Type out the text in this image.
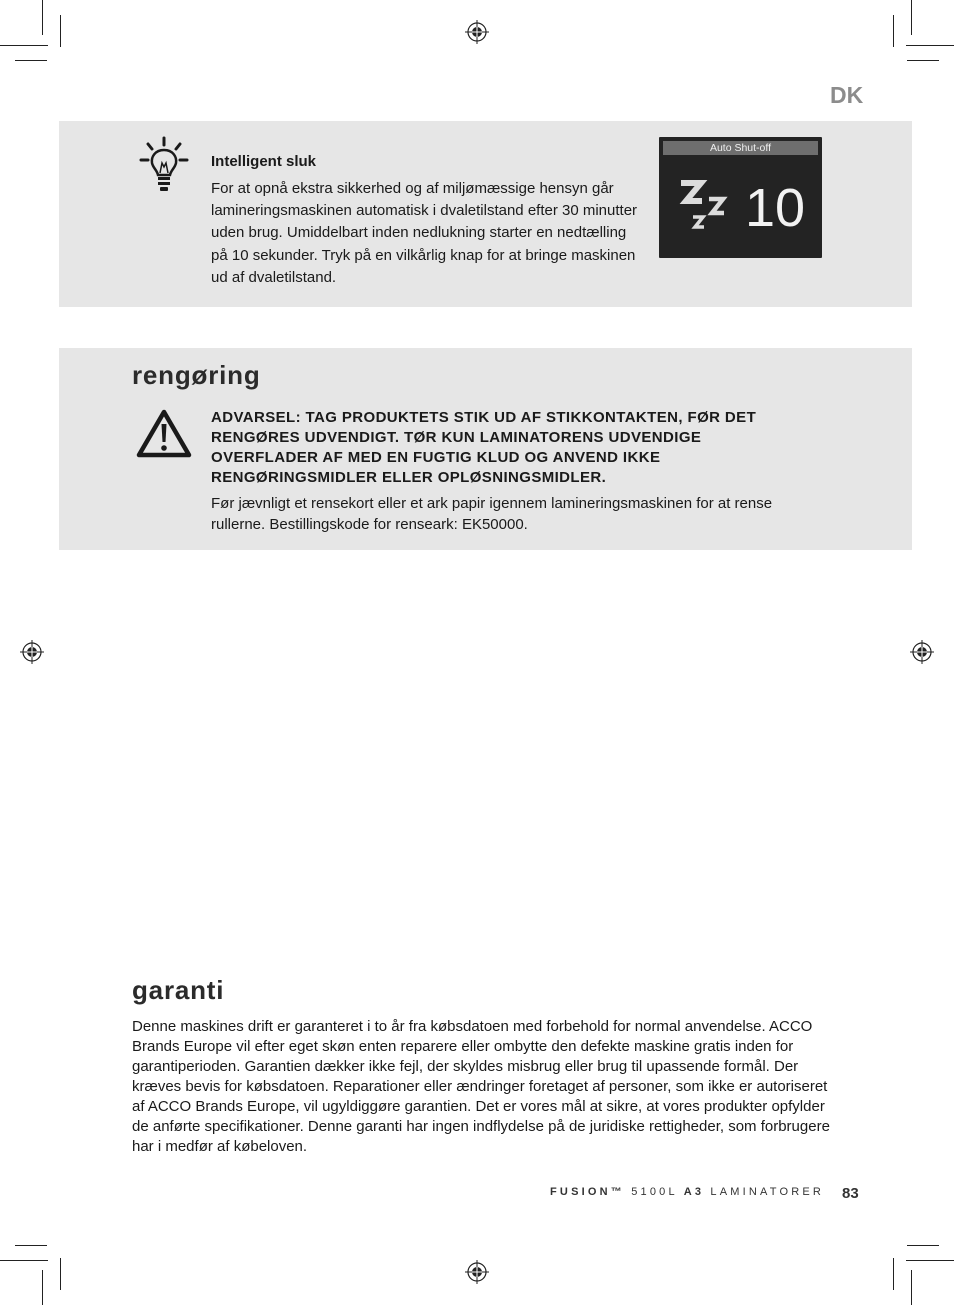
DK
Intelligent sluk
For at opnå ekstra sikkerhed og af miljømæssige hensyn går lamineringsmaskinen automatisk i dvaletilstand efter 30 minutter uden brug. Umiddelbart inden nedlukning starter en nedtælling på 10 sekunder. Tryk på en vilkårlig knap for at bringe maskinen ud af dvaletilstand.
Auto Shut-off
10
rengøring
ADVARSEL: TAG PRODUKTETS STIK UD AF STIKKONTAKTEN, FØR DET RENGØRES UDVENDIGT. TØR KUN LAMINATORENS UDVENDIGE OVERFLADER AF MED EN FUGTIG KLUD OG ANVEND IKKE RENGØRINGSMIDLER ELLER OPLØSNINGSMIDLER.
Før jævnligt et rensekort eller et ark papir igennem lamineringsmaskinen for at rense rullerne. Bestillingskode for renseark: EK50000.
garanti
Denne maskines drift er garanteret i to år fra købsdatoen med forbehold for normal anvendelse. ACCO Brands Europe vil efter eget skøn enten reparere eller ombytte den defekte maskine gratis inden for garantiperioden. Garantien dækker ikke fejl, der skyldes misbrug eller brug til upassende formål. Der kræves bevis for købsdatoen. Reparationer eller ændringer foretaget af personer, som ikke er autoriseret af ACCO Brands Europe, vil ugyldiggøre garantien. Det er vores mål at sikre, at vores produkter opfylder de anførte specifikationer. Denne garanti har ingen indflydelse på de juridiske rettigheder, som forbrugere har i medfør af købeloven.
FUSION™ 5100L A3 LAMINATORER 83
